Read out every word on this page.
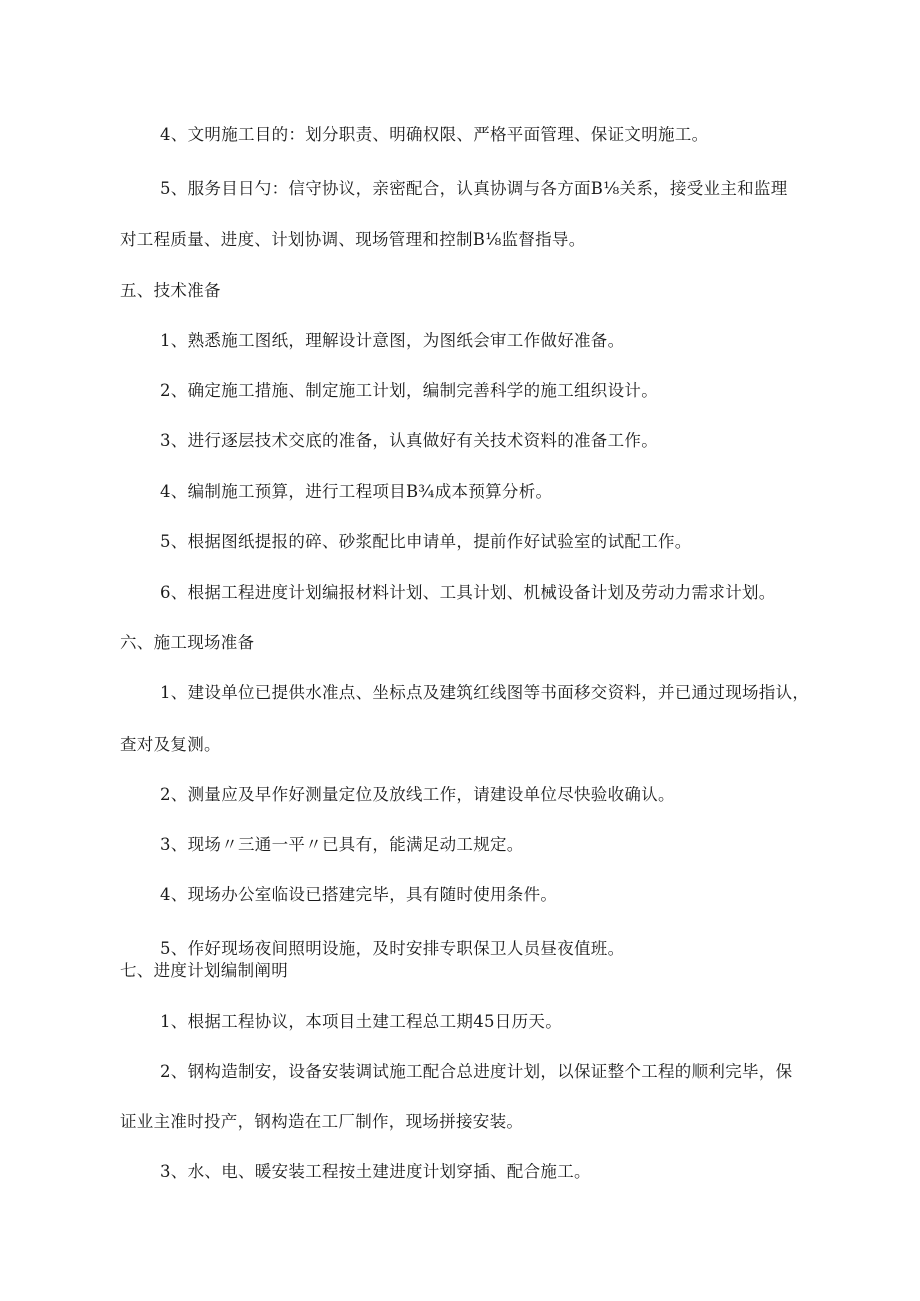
4、文明施工目的：划分职责、明确权限、严格平面管理、保证文明施工。
5、服务目日勺：信守协议，亲密配合，认真协调与各方面B⅛关系，接受业主和监理
对工程质量、进度、计划协调、现场管理和控制B⅛监督指导。
五、技术准备
1、熟悉施工图纸，理解设计意图，为图纸会审工作做好准备。
2、确定施工措施、制定施工计划，编制完善科学的施工组织设计。
3、进行逐层技术交底的准备，认真做好有关技术资料的准备工作。
4、编制施工预算，进行工程项目B¾成本预算分析。
5、根据图纸提报的碎、砂浆配比申请单，提前作好试验室的试配工作。
6、根据工程进度计划编报材料计划、工具计划、机械设备计划及劳动力需求计划。
六、施工现场准备
1、建设单位已提供水准点、坐标点及建筑红线图等书面移交资料，并已通过现场指认，
查对及复测。
2、测量应及早作好测量定位及放线工作，请建设单位尽快验收确认。
3、现场〃三通一平〃已具有，能满足动工规定。
4、现场办公室临设已搭建完毕，具有随时使用条件。
5、作好现场夜间照明设施，及时安排专职保卫人员昼夜值班。
七、进度计划编制阐明
1、根据工程协议，本项目土建工程总工期45日历天。
2、钢构造制安，设备安装调试施工配合总进度计划，以保证整个工程的顺利完毕，保
证业主准时投产，钢构造在工厂制作，现场拼接安装。
3、水、电、暖安装工程按土建进度计划穿插、配合施工。
